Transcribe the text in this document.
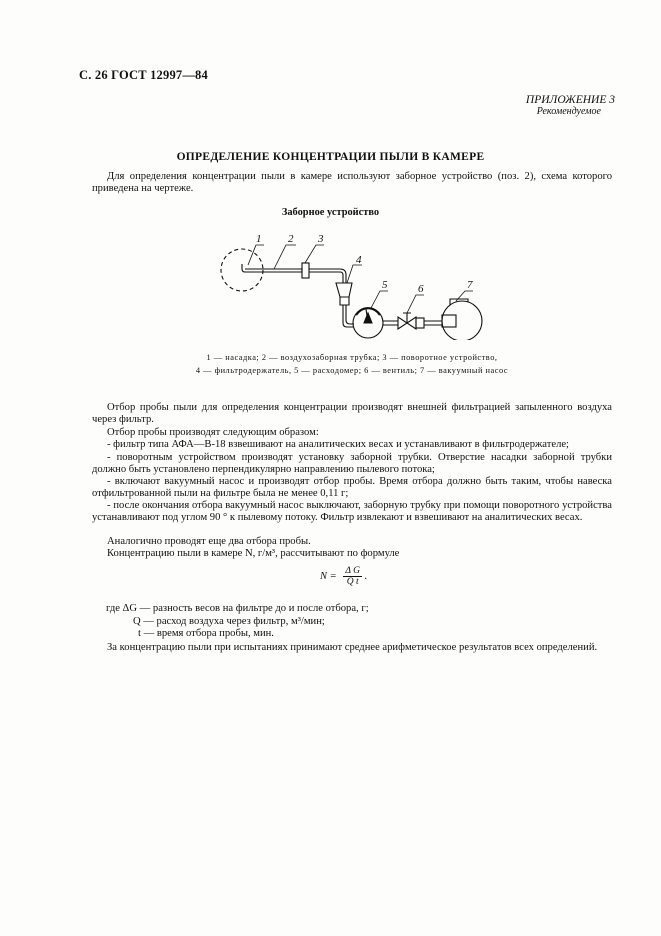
С. 26 ГОСТ 12997—84
ПРИЛОЖЕНИЕ 3
Рекомендуемое
ОПРЕДЕЛЕНИЕ КОНЦЕНТРАЦИИ ПЫЛИ В КАМЕРЕ
Для определения концентрации пыли в камере используют заборное устройство (поз. 2), схема которого приведена на чертеже.
Заборное устройство
1 2 3
4
5	6	7
1 — насадка; 2 — воздухозаборная трубка; 3 — поворотное устройство,
4 — фильтродержатель, 5 — расходомер; 6 — вентиль; 7 — вакуумный насос
Отбор пробы пыли для определения концентрации производят внешней фильтрацией запыленного воздуха через фильтр.
Отбор пробы производят следующим образом:
- фильтр типа АФА—В-18 взвешивают на аналитических весах и устанавливают в фильтродержателе;
- поворотным устройством производят установку заборной трубки. Отверстие насадки заборной трубки должно быть установлено перпендикулярно направлению пылевого потока;
- включают вакуумный насос и производят отбор пробы. Время отбора должно быть таким, чтобы навеска отфильтрованной пыли на фильтре была не менее 0,11 г;
- после окончания отбора вакуумный насос выключают, заборную трубку при помощи поворотного устройства устанавливают под углом 90 ° к пылевому потоку. Фильтр извлекают и взвешивают на аналитических весах.
Аналогично проводят еще два отбора пробы.
Концентрацию пыли в камере N, г/м³, рассчитывают по формуле
$N = \frac{\text{Δ G}}{\text{Q t}}$ .
где ΔG — разность весов на фильтре до и после отбора, г;
Q — расход воздуха через фильтр, м³/мин;
t — время отбора пробы, мин.
За концентрацию пыли при испытаниях принимают среднее арифметическое результатов всех определений.
